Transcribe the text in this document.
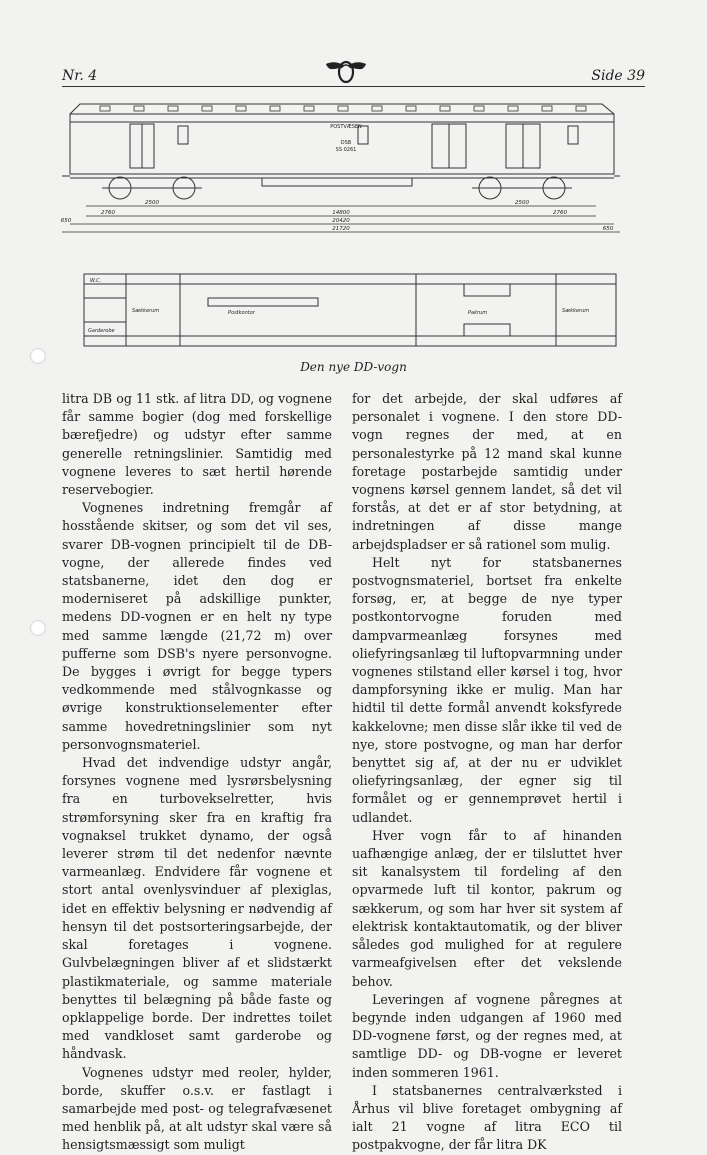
Nr. 4	Side 39
POSTVÆSEN
DSB
SS 0261
2500
2760	14800
20420
21720
2500
2760
650
650
W.C.
Sækkerum
Garderobe
Postkontor	Pakrum	Sækkerum
Den nye DD-vogn

litra DB og 11 stk. af litra DD, og vognene får samme bogier (dog med forskellige bærefjedre) og udstyr efter samme generelle retningslinier. Samtidig med vognene leveres to sæt hertil hørende reservebogier.

Vognenes indretning fremgår af hosstående skitser, og som det vil ses, svarer DB-vognen principielt til de DB-vogne, der allerede findes ved statsbanerne, idet den dog er moderniseret på adskillige punkter, medens DD-vognen er en helt ny type med samme længde (21,72 m) over pufferne som DSB's nyere personvogne. De bygges i øvrigt for begge typers vedkommende med stålvognkasse og øvrige konstruktionselementer efter samme hovedretningslinier som nyt personvognsmateriel.

Hvad det indvendige udstyr angår, forsynes vognene med lysrørsbelysning fra en turbovekselretter, hvis strømforsyning sker fra en kraftig fra vognaksel trukket dynamo, der også leverer strøm til det nedenfor nævnte varmeanlæg. Endvidere får vognene et stort antal ovenlysvinduer af plexiglas, idet en effektiv belysning er nødvendig af hensyn til det postsorteringsarbejde, der skal foretages i vognene. Gulvbelægningen bliver af et slidstærkt plastikmateriale, og samme materiale benyttes til belægning på både faste og opklappelige borde. Der indrettes toilet med vandkloset samt garderobe og håndvask.

Vognenes udstyr med reoler, hylder, borde, skuffer o.s.v. er fastlagt i samarbejde med post- og telegrafvæsenet med henblik på, at alt udstyr skal være så hensigtsmæssigt som muligt

for det arbejde, der skal udføres af personalet i vognene. I den store DD-vogn regnes der med, at en personalestyrke på 12 mand skal kunne foretage postarbejde samtidig under vognens kørsel gennem landet, så det vil forstås, at det er af stor betydning, at indretningen af disse mange arbejdspladser er så rationel som mulig.

Helt nyt for statsbanernes postvognsmateriel, bortset fra enkelte forsøg, er, at begge de nye typer postkontorvogne foruden med dampvarmeanlæg forsynes med oliefyringsanlæg til luftopvarmning under vognenes stilstand eller kørsel i tog, hvor dampforsyning ikke er mulig. Man har hidtil til dette formål anvendt koksfyrede kakkelovne; men disse slår ikke til ved de nye, store postvogne, og man har derfor benyttet sig af, at der nu er udviklet oliefyringsanlæg, der egner sig til formålet og er gennemprøvet hertil i udlandet.

Hver vogn får to af hinanden uafhængige anlæg, der er tilsluttet hver sit kanalsystem til fordeling af den opvarmede luft til kontor, pakrum og sækkerum, og som har hver sit system af elektrisk kontaktautomatik, og der bliver således god mulighed for at regulere varmeafgivelsen efter det vekslende behov.

Leveringen af vognene påregnes at begynde inden udgangen af 1960 med DD-vognene først, og der regnes med, at samtlige DD- og DB-vogne er leveret inden sommeren 1961.

I statsbanernes centralværksted i Århus vil blive foretaget ombygning af ialt 21 vogne af litra ECO til postpakvogne, der får litra DK
